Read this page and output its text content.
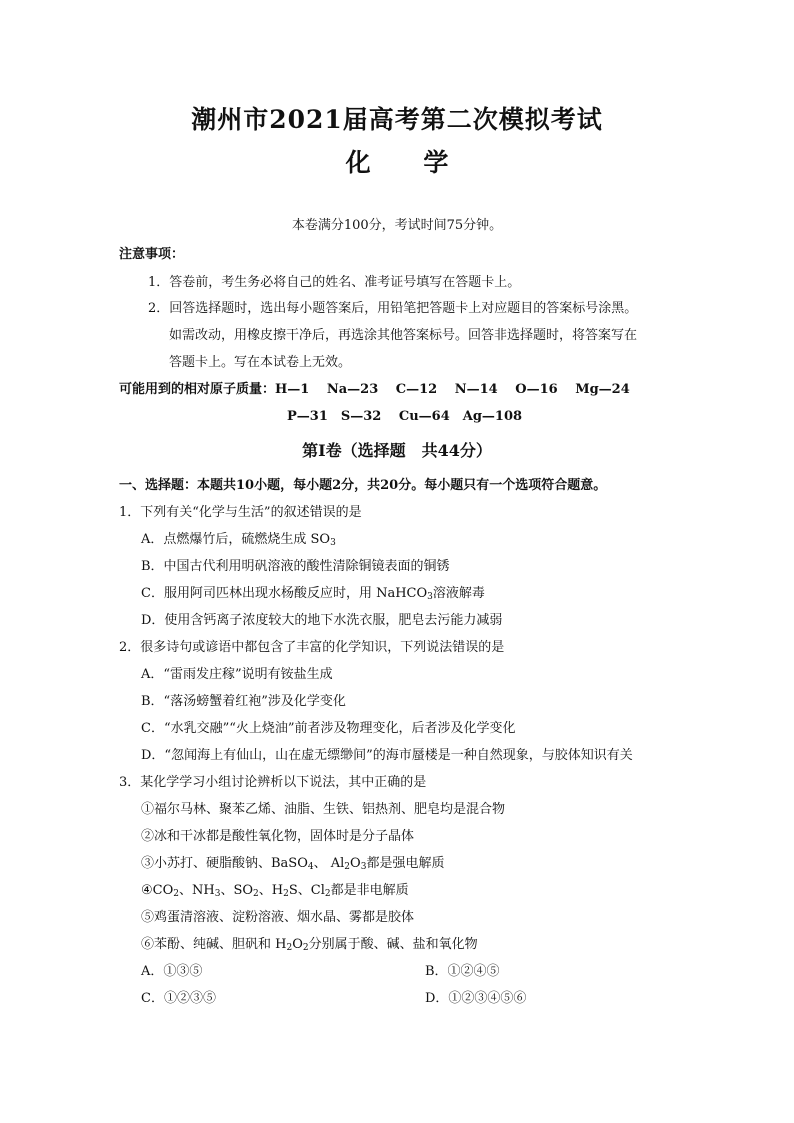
潮州市2021届高考第二次模拟考试
化 学
本卷满分100分，考试时间75分钟。
注意事项：
1．答卷前，考生务必将自己的姓名、准考证号填写在答题卡上。
2．回答选择题时，选出每小题答案后，用铅笔把答题卡上对应题目的答案标号涂黑。
如需改动，用橡皮擦干净后，再选涂其他答案标号。回答非选择题时，将答案写在
答题卡上。写在本试卷上无效。
可能用到的相对原子质量：H—1　 Na—23　 C—12　 N—14　 O—16　 Mg—24
P—31　S—32　 Cu—64　Ag—108
第Ⅰ卷（选择题　共44分）
一、选择题：本题共10小题，每小题2分，共20分。每小题只有一个选项符合题意。
1．下列有关“化学与生活”的叙述错误的是
A．点燃爆竹后，硫燃烧生成 $SO_3$
B．中国古代利用明矾溶液的酸性清除铜镜表面的铜锈
C．服用阿司匹林出现水杨酸反应时，用 NaHCO$_3$溶液解毒
D．使用含钙离子浓度较大的地下水洗衣服，肥皂去污能力减弱
2．很多诗句或谚语中都包含了丰富的化学知识，下列说法错误的是
A．“雷雨发庄稼”说明有铵盐生成
B．“落汤螃蟹着红袍”涉及化学变化
C．“水乳交融”“火上烧油”前者涉及物理变化，后者涉及化学变化
D．“忽闻海上有仙山，山在虚无缥缈间”的海市蜃楼是一种自然现象，与胶体知识有关
3．某化学学习小组讨论辨析以下说法，其中正确的是
①福尔马林、聚苯乙烯、油脂、生铁、铝热剂、肥皂均是混合物
②冰和干冰都是酸性氧化物，固体时是分子晶体
③小苏打、硬脂酸钠、BaSO$_4$、 $Al_2O_3$都是强电解质
$④CO_2$、$NH_3$、$SO_2$、$H_2S$、$Cl_2$都是非电解质
⑤鸡蛋清溶液、淀粉溶液、烟水晶、雾都是胶体
⑥苯酚、纯碱、胆矾和 $H_2O_2$分别属于酸、碱、盐和氧化物
A．①③⑤	B．①②④⑤
C．①②③⑤	D．①②③④⑤⑥
